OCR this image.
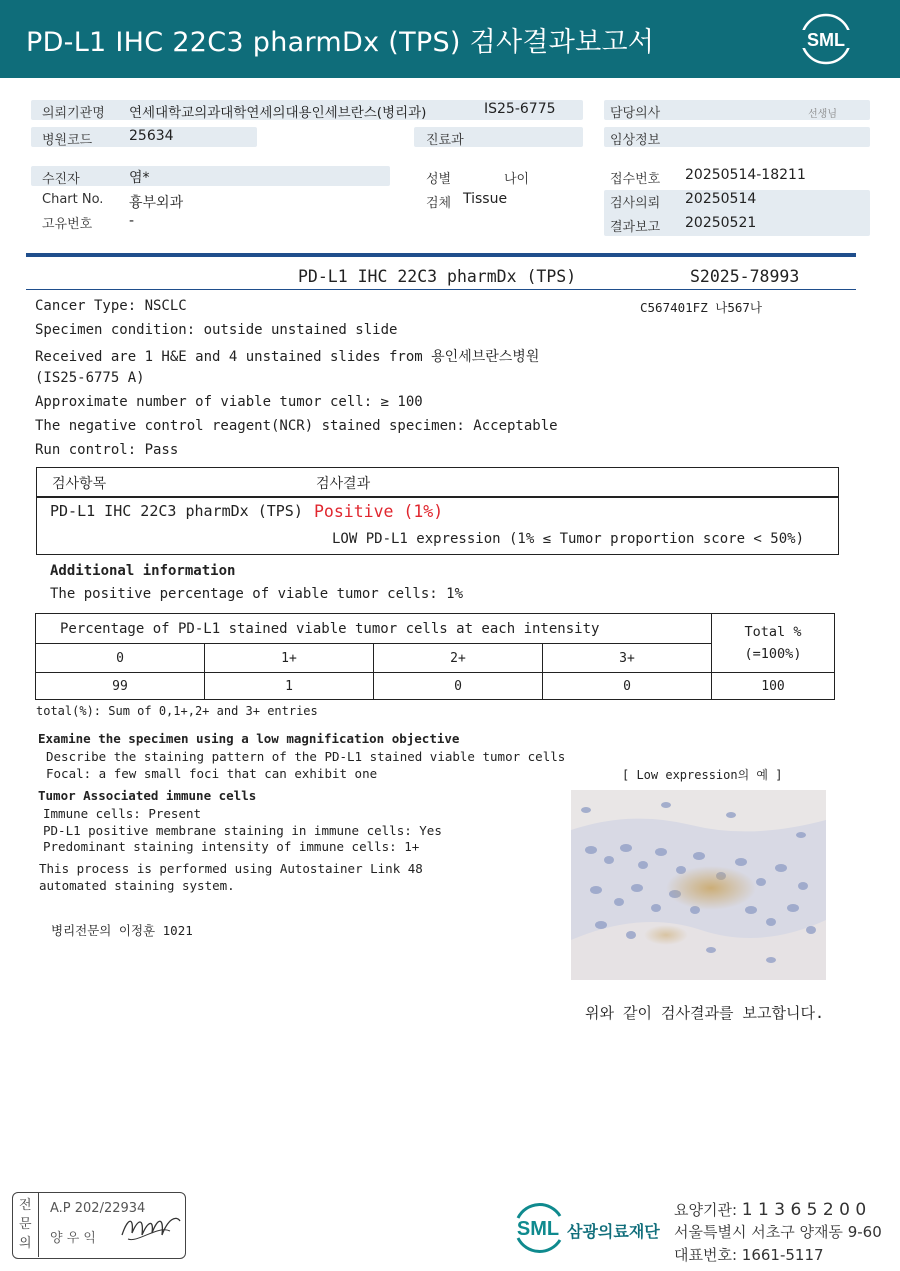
PD-L1 IHC 22C3 pharmDx (TPS) 검사결과보고서	SML
의뢰기관명 연세대학교의과대학연세의대용인세브란스(병리과)	IS25-6775	담당의사	선생님
병원코드	25634	진료과	임상정보
수진자	염*	성별	나이	접수번호 20250514-18211
Chart No. 흉부외과	검체 Tissue	검사의뢰 20250514
고유번호	-	결과보고 20250521
PD-L1 IHC 22C3 pharmDx (TPS)	S2025-78993
C567401FZ 나567나
Cancer Type: NSCLC
Specimen condition: outside unstained slide
Received are 1 H&E and 4 unstained slides from 용인세브란스병원
(IS25-6775 A)
Approximate number of viable tumor cell: ≥ 100
The negative control reagent(NCR) stained specimen: Acceptable
Run control: Pass
검사항목	검사결과
PD-L1 IHC 22C3 pharmDx (TPS) Positive (1%)
LOW PD-L1 expression (1% ≤ Tumor proportion score < 50%)
Additional information
The positive percentage of viable tumor cells: 1%
Percentage of PD-L1 stained viable tumor cells at each intensity				Total %
(=100%)

0	1+	2+	3+	
99	1	0	0	100
total(%): Sum of 0,1+,2+ and 3+ entries
Examine the specimen using a low magnification objective
Describe the staining pattern of the PD-L1 stained viable tumor cells
Focal: a few small foci that can exhibit one	[ Low expression의 예 ]
Tumor Associated immune cells
Immune cells: Present
PD-L1 positive membrane staining in immune cells: Yes
Predominant staining intensity of immune cells: 1+
This process is performed using Autostainer Link 48
automated staining system.
병리전문의 이정훈 1021
위와 같이 검사결과를 보고합니다.
전
문
의
A.P 202/22934
양 우 익	SML 삼광의료재단
요양기관: 1 1 3 6 5 2 0 0
서울특별시 서초구 양재동 9-60
대표번호: 1661-5117
